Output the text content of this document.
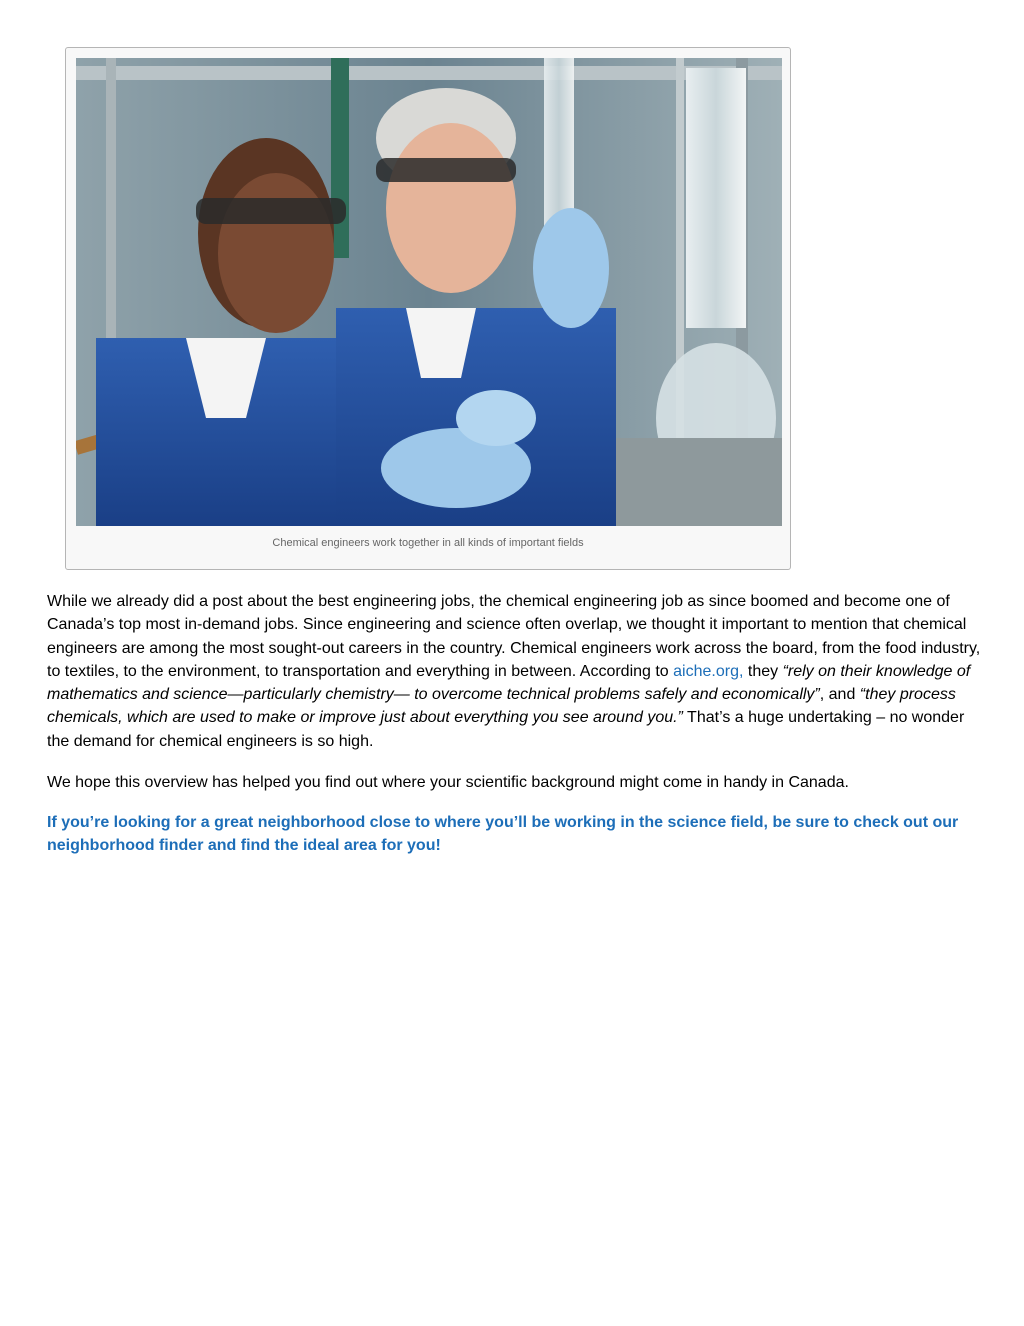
Chemical engineers work together in all kinds of important fields

While we already did a post about the best engineering jobs, the chemical engineering job as since boomed and become one of Canada’s top most in-demand jobs. Since engineering and science often overlap, we thought it important to mention that chemical engineers are among the most sought-out careers in the country. Chemical engineers work across the board, from the food industry, to textiles, to the environment, to transportation and everything in between. According to aiche.org, they “rely on their knowledge of mathematics and science—particularly chemistry— to overcome technical problems safely and economically”, and “they process chemicals, which are used to make or improve just about everything you see around you.” That’s a huge undertaking – no wonder the demand for chemical engineers is so high.

We hope this overview has helped you find out where your scientific background might come in handy in Canada.

If you’re looking for a great neighborhood close to where you’ll be working in the science field, be sure to check out our neighborhood finder and find the ideal area for you!
